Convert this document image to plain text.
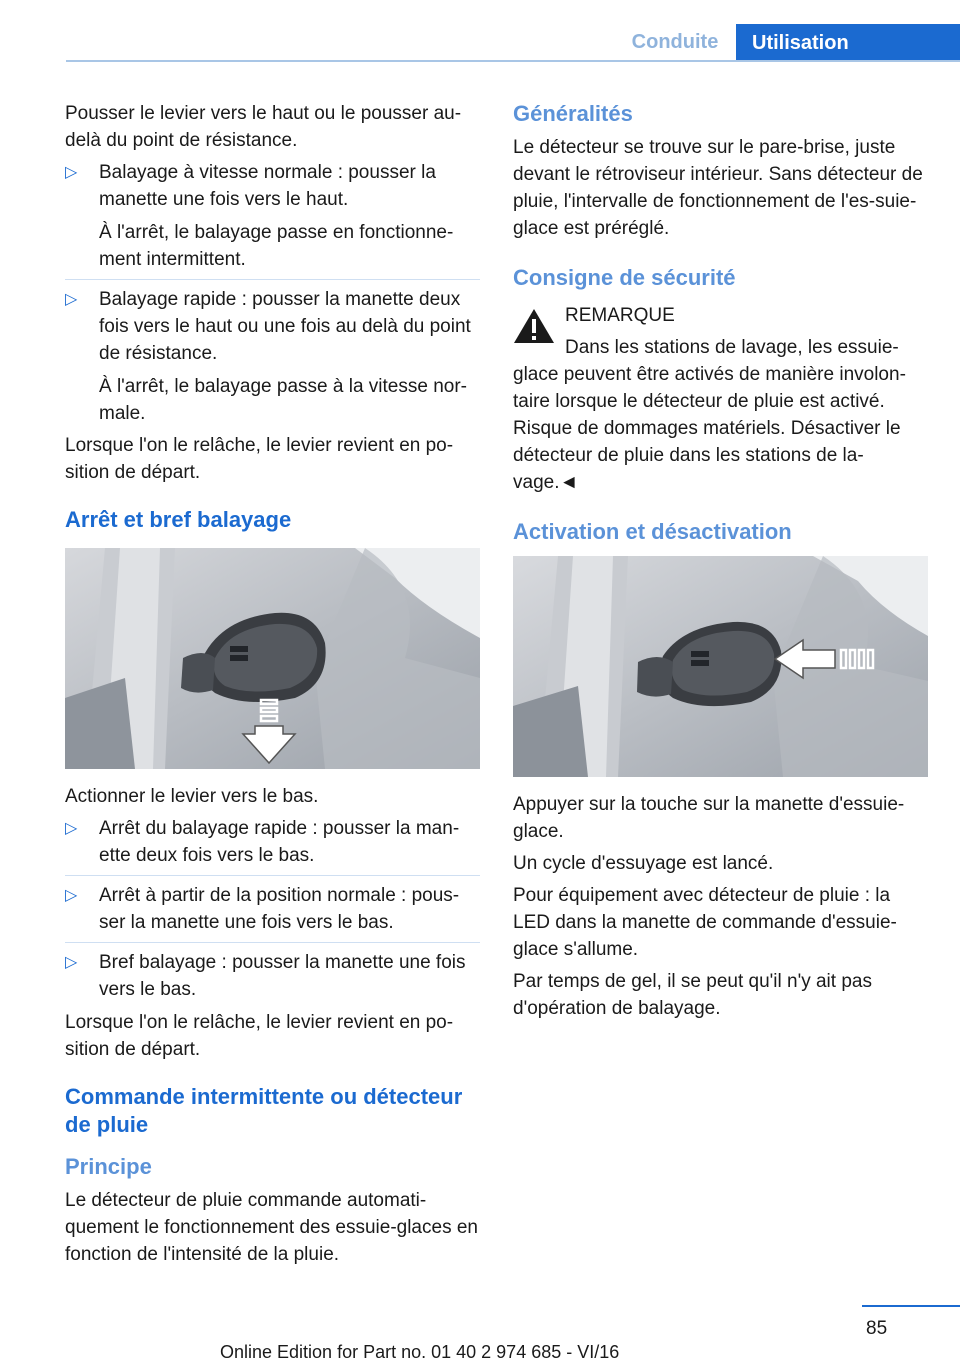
Conduite	Utilisation

Pousser le levier vers le haut ou le pousser au-delà du point de résistance.

▷ Balayage à vitesse normale : pousser la manette une fois vers le haut.

À l'arrêt, le balayage passe en fonctionne-ment intermittent.

▷ Balayage rapide : pousser la manette deux fois vers le haut ou une fois au delà du point de résistance.

À l'arrêt, le balayage passe à la vitesse nor-male.

Lorsque l'on le relâche, le levier revient en po-sition de départ.

Arrêt et bref balayage

Actionner le levier vers le bas.

▷ Arrêt du balayage rapide : pousser la man-ette deux fois vers le bas.
▷ Arrêt à partir de la position normale : pous-ser la manette une fois vers le bas.
▷ Bref balayage : pousser la manette une fois vers le bas.

Lorsque l'on le relâche, le levier revient en po-sition de départ.

Commande intermittente ou détecteur de pluie
Principe

Le détecteur de pluie commande automati-quement le fonctionnement des essuie-glaces en fonction de l'intensité de la pluie.

Généralités

Le détecteur se trouve sur le pare-brise, juste devant le rétroviseur intérieur. Sans détecteur de pluie, l'intervalle de fonctionnement de l'es-suie-glace est préréglé.

Consigne de sécurité

REMARQUE

Dans les stations de lavage, les essuie-

glace peuvent être activés de manière involon-taire lorsque le détecteur de pluie est activé. Risque de dommages matériels. Désactiver le détecteur de pluie dans les stations de la-vage.◄

Activation et désactivation

Appuyer sur la touche sur la manette d'essuie-glace.

Un cycle d'essuyage est lancé.

Pour équipement avec détecteur de pluie : la LED dans la manette de commande d'essuie-glace s'allume.

Par temps de gel, il se peut qu'il n'y ait pas d'opération de balayage.

85
Online Edition for Part no. 01 40 2 974 685 - VI/16
